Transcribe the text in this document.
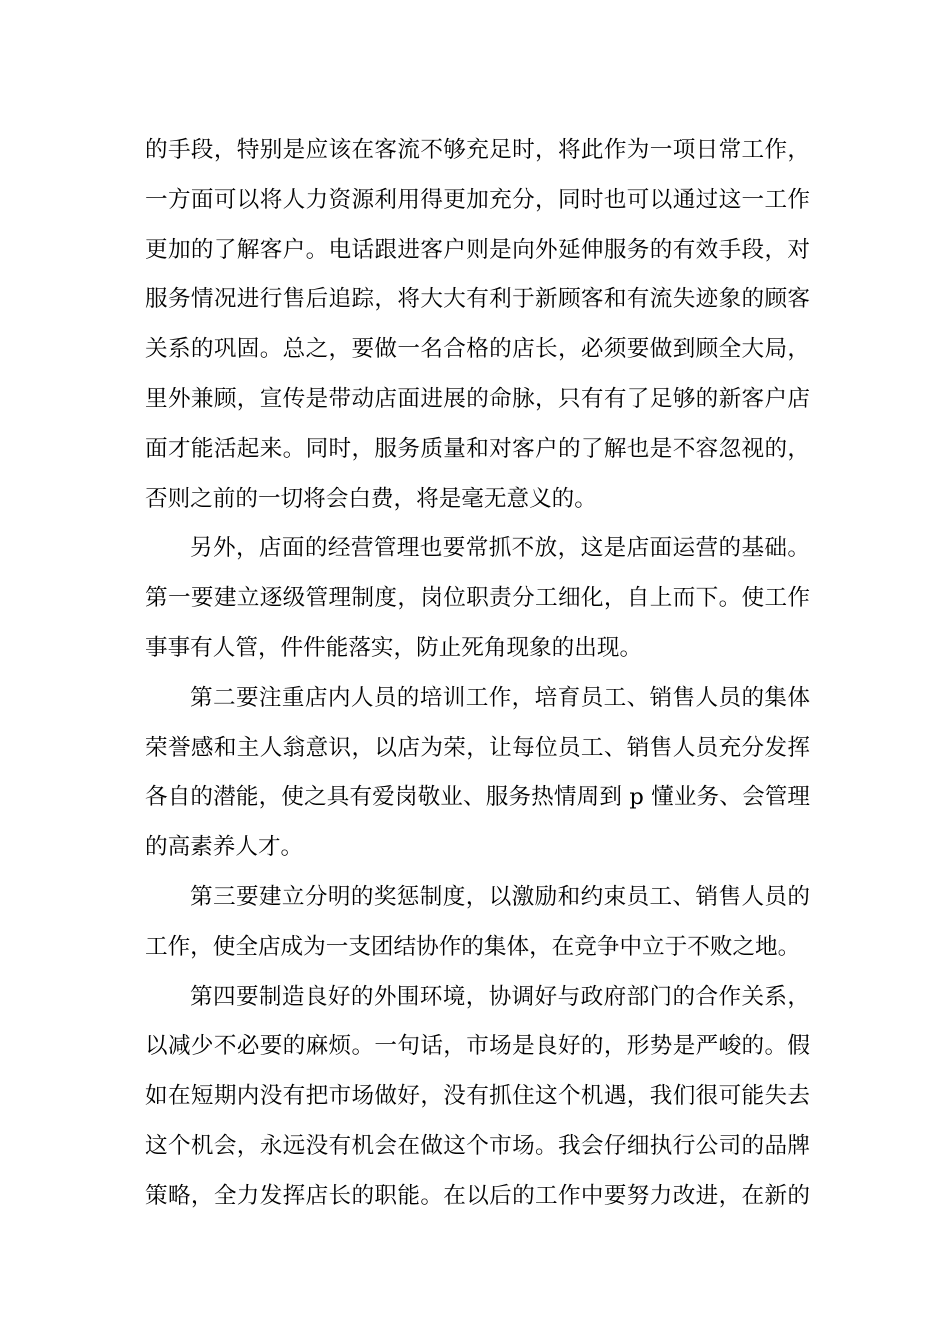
的手段，特别是应该在客流不够充足时，将此作为一项日常工作，
一方面可以将人力资源利用得更加充分，同时也可以通过这一工作
更加的了解客户。电话跟进客户则是向外延伸服务的有效手段，对
服务情况进行售后追踪，将大大有利于新顾客和有流失迹象的顾客
关系的巩固。总之，要做一名合格的店长，必须要做到顾全大局，
里外兼顾，宣传是带动店面进展的命脉，只有有了足够的新客户店
面才能活起来。同时，服务质量和对客户的了解也是不容忽视的，
否则之前的一切将会白费，将是毫无意义的。
另外，店面的经营管理也要常抓不放，这是店面运营的基础。
第一要建立逐级管理制度，岗位职责分工细化，自上而下。使工作
事事有人管，件件能落实，防止死角现象的出现。
第二要注重店内人员的培训工作，培育员工、销售人员的集体
荣誉感和主人翁意识，以店为荣，让每位员工、销售人员充分发挥
各自的潜能，使之具有爱岗敬业、服务热情周到 p 懂业务、会管理
的高素养人才。
第三要建立分明的奖惩制度，以激励和约束员工、销售人员的
工作，使全店成为一支团结协作的集体，在竞争中立于不败之地。
第四要制造良好的外围环境，协调好与政府部门的合作关系，
以减少不必要的麻烦。一句话，市场是良好的，形势是严峻的。假
如在短期内没有把市场做好，没有抓住这个机遇，我们很可能失去
这个机会，永远没有机会在做这个市场。我会仔细执行公司的品牌
策略，全力发挥店长的职能。在以后的工作中要努力改进，在新的
